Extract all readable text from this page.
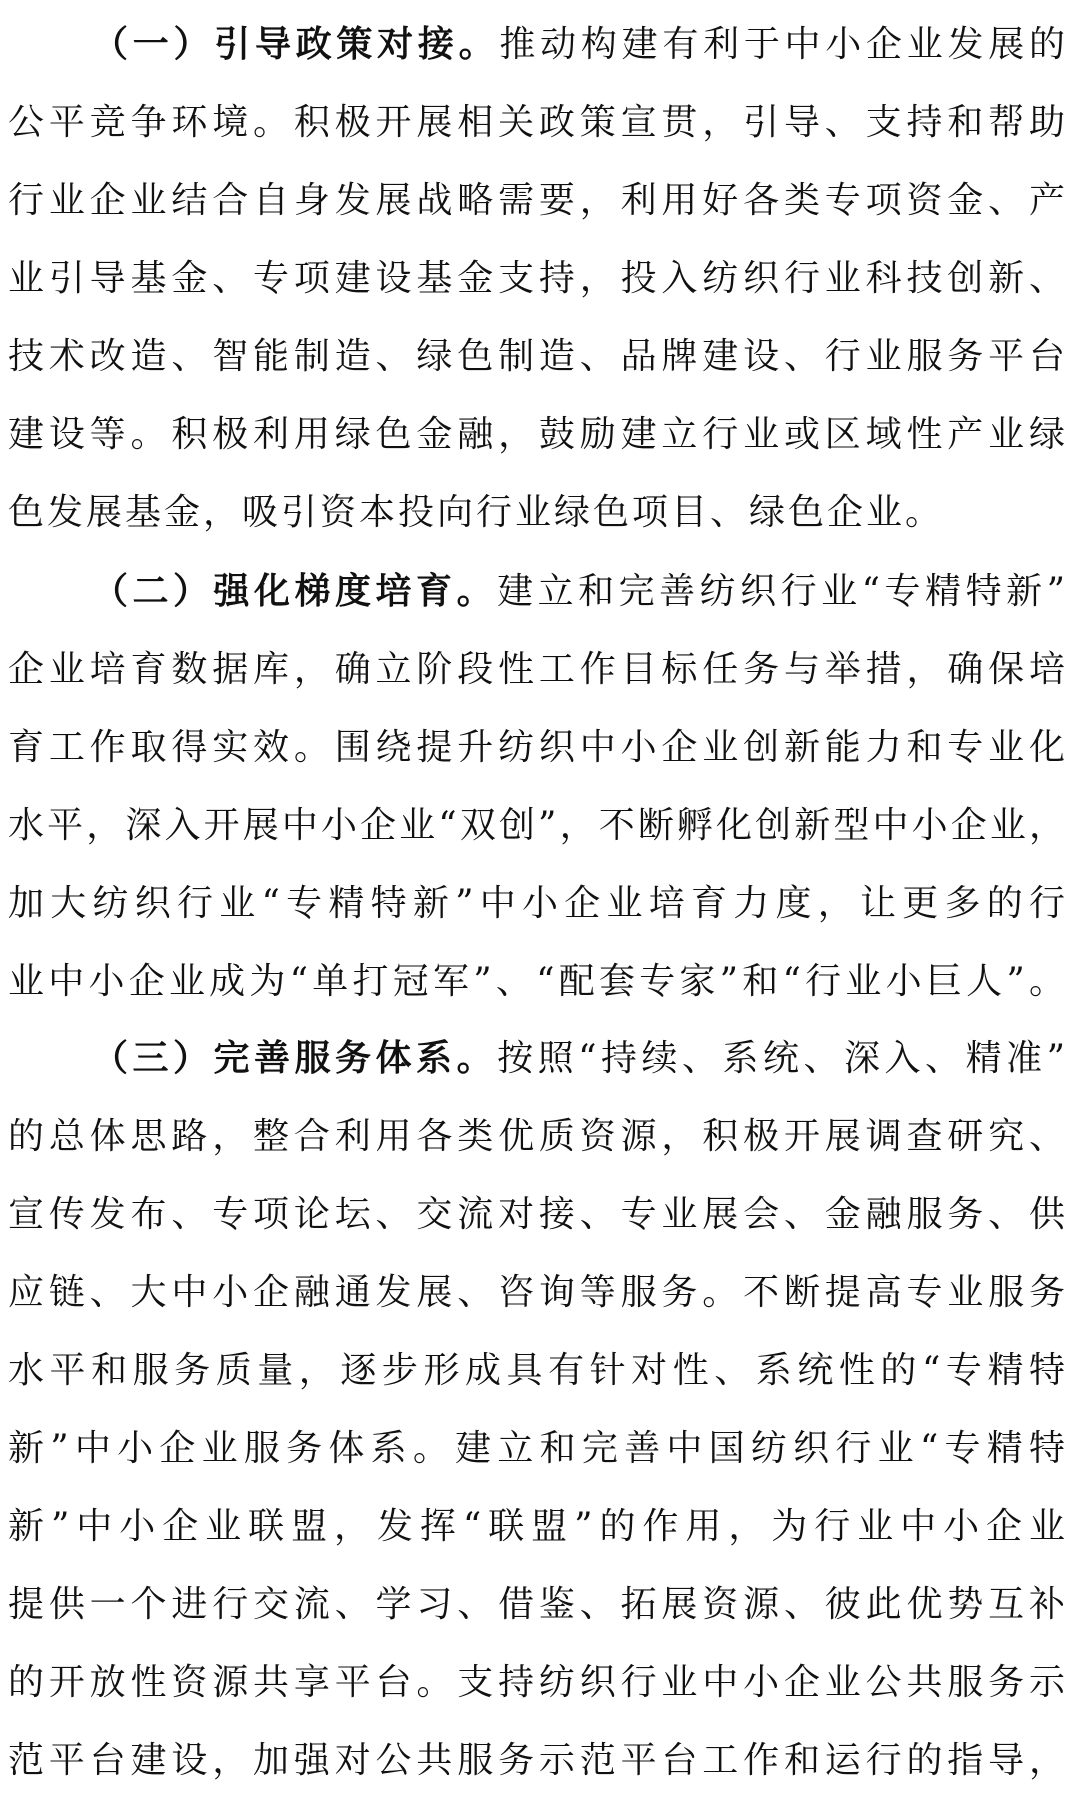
（一）引导政策对接。推动构建有利于中小企业发展的
公平竞争环境。积极开展相关政策宣贯，引导、支持和帮助
行业企业结合自身发展战略需要，利用好各类专项资金、产
业引导基金、专项建设基金支持，投入纺织行业科技创新、
技术改造、智能制造、绿色制造、品牌建设、行业服务平台
建设等。积极利用绿色金融，鼓励建立行业或区域性产业绿
色发展基金，吸引资本投向行业绿色项目、绿色企业。
（二）强化梯度培育。建立和完善纺织行业“专精特新”
企业培育数据库，确立阶段性工作目标任务与举措，确保培
育工作取得实效。围绕提升纺织中小企业创新能力和专业化
水平，深入开展中小企业“双创”，不断孵化创新型中小企业，
加大纺织行业“专精特新”中小企业培育力度，让更多的行
业中小企业成为“单打冠军”、“配套专家”和“行业小巨人”。
（三）完善服务体系。按照“持续、系统、深入、精准”
的总体思路，整合利用各类优质资源，积极开展调查研究、
宣传发布、专项论坛、交流对接、专业展会、金融服务、供
应链、大中小企融通发展、咨询等服务。不断提高专业服务
水平和服务质量，逐步形成具有针对性、系统性的“专精特
新”中小企业服务体系。建立和完善中国纺织行业“专精特
新”中小企业联盟，发挥“联盟”的作用，为行业中小企业
提供一个进行交流、学习、借鉴、拓展资源、彼此优势互补
的开放性资源共享平台。支持纺织行业中小企业公共服务示
范平台建设，加强对公共服务示范平台工作和运行的指导，
